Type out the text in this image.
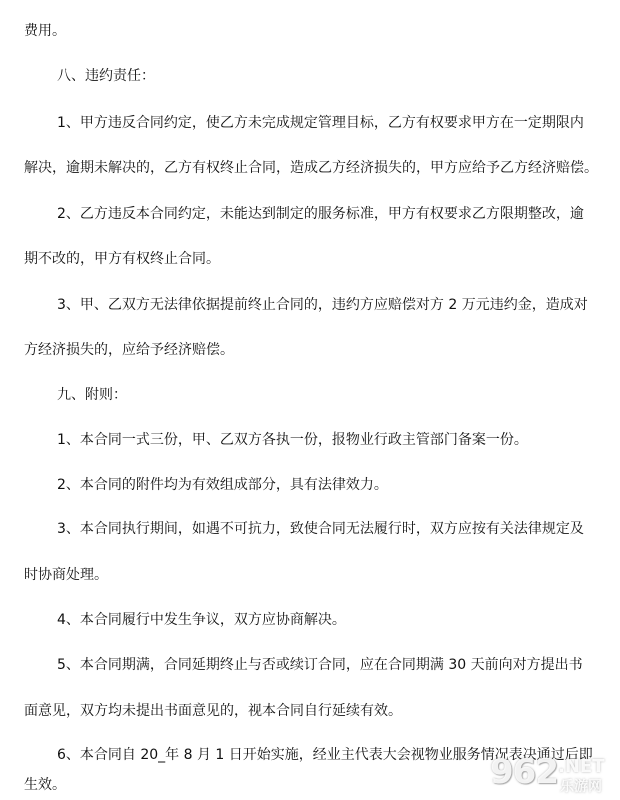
费用。
八、违约责任：
1、甲方违反合同约定，使乙方未完成规定管理目标，乙方有权要求甲方在一定期限内
解决，逾期未解决的，乙方有权终止合同，造成乙方经济损失的，甲方应给予乙方经济赔偿。
2、乙方违反本合同约定，未能达到制定的服务标准，甲方有权要求乙方限期整改，逾
期不改的，甲方有权终止合同。
3、甲、乙双方无法律依据提前终止合同的，违约方应赔偿对方 2 万元违约金，造成对
方经济损失的，应给予经济赔偿。
九、附则：
1、本合同一式三份，甲、乙双方各执一份，报物业行政主管部门备案一份。
2、本合同的附件均为有效组成部分，具有法律效力。
3、本合同执行期间，如遇不可抗力，致使合同无法履行时，双方应按有关法律规定及
时协商处理。
4、本合同履行中发生争议，双方应协商解决。
5、本合同期满，合同延期终止与否或续订合同，应在合同期满 30 天前向对方提出书
面意见，双方均未提出书面意见的，视本合同自行延续有效。
6、本合同自 20_年 8 月 1 日开始实施，经业主代表大会视物业服务情况表决通过后即
生效。	962 .NET
乐游网
